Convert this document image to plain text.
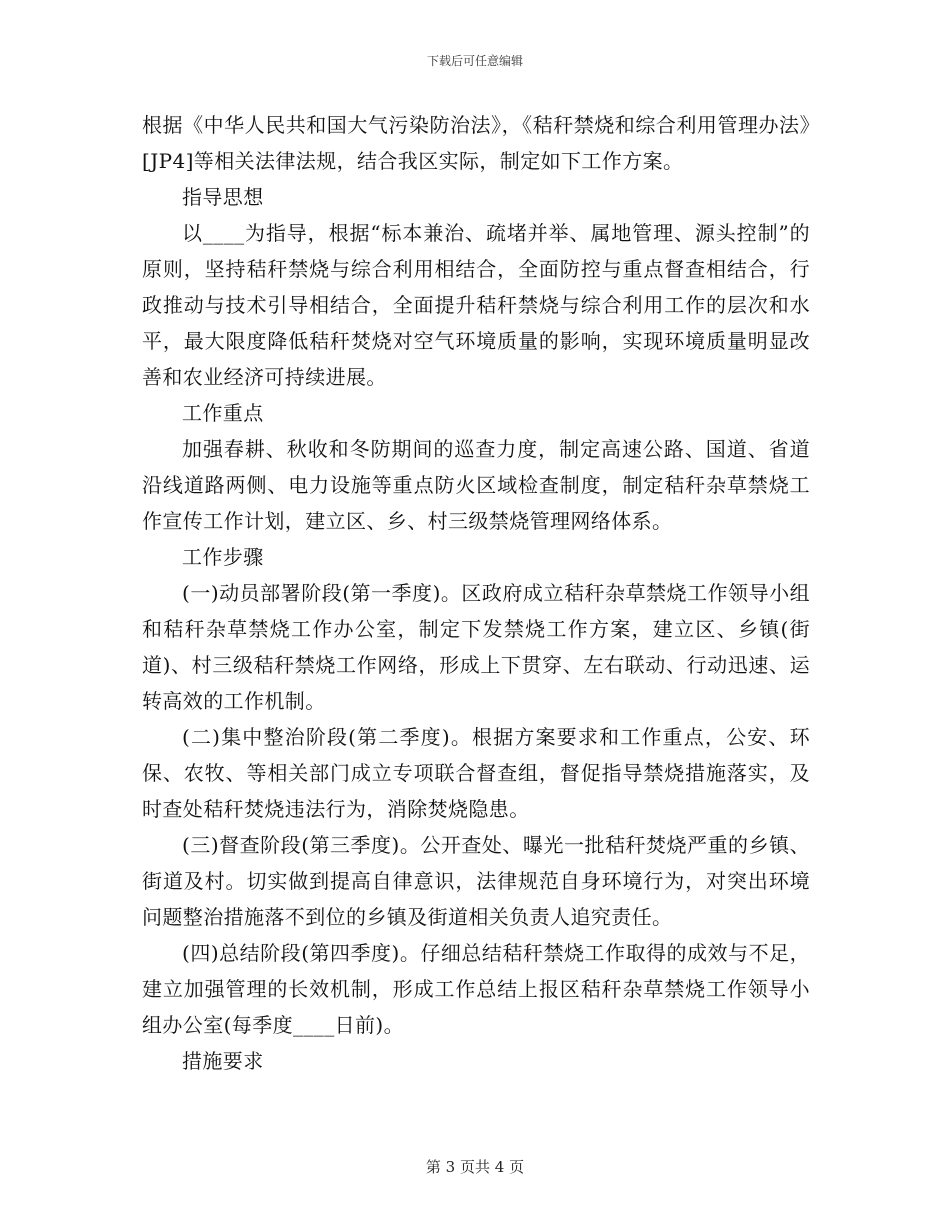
下载后可任意编辑

根据《中华人民共和国大气污染防治法》，《秸秆禁烧和综合利用管理办法》[JP4]等相关法律法规，结合我区实际，制定如下工作方案。

指导思想

以____为指导，根据“标本兼治、疏堵并举、属地管理、源头控制”的原则，坚持秸秆禁烧与综合利用相结合，全面防控与重点督查相结合，行政推动与技术引导相结合，全面提升秸秆禁烧与综合利用工作的层次和水平，最大限度降低秸秆焚烧对空气环境质量的影响，实现环境质量明显改善和农业经济可持续进展。

工作重点

加强春耕、秋收和冬防期间的巡查力度，制定高速公路、国道、省道沿线道路两侧、电力设施等重点防火区域检查制度，制定秸秆杂草禁烧工作宣传工作计划，建立区、乡、村三级禁烧管理网络体系。

工作步骤

(一)动员部署阶段(第一季度)。区政府成立秸秆杂草禁烧工作领导小组和秸秆杂草禁烧工作办公室，制定下发禁烧工作方案，建立区、乡镇(街道)、村三级秸秆禁烧工作网络，形成上下贯穿、左右联动、行动迅速、运转高效的工作机制。

(二)集中整治阶段(第二季度)。根据方案要求和工作重点，公安、环保、农牧、等相关部门成立专项联合督查组，督促指导禁烧措施落实，及时查处秸秆焚烧违法行为，消除焚烧隐患。

(三)督查阶段(第三季度)。公开查处、曝光一批秸秆焚烧严重的乡镇、街道及村。切实做到提高自律意识，法律规范自身环境行为，对突出环境问题整治措施落不到位的乡镇及街道相关负责人追究责任。

(四)总结阶段(第四季度)。仔细总结秸秆禁烧工作取得的成效与不足，建立加强管理的长效机制，形成工作总结上报区秸秆杂草禁烧工作领导小组办公室(每季度____日前)。

措施要求

第 3 页共 4 页
